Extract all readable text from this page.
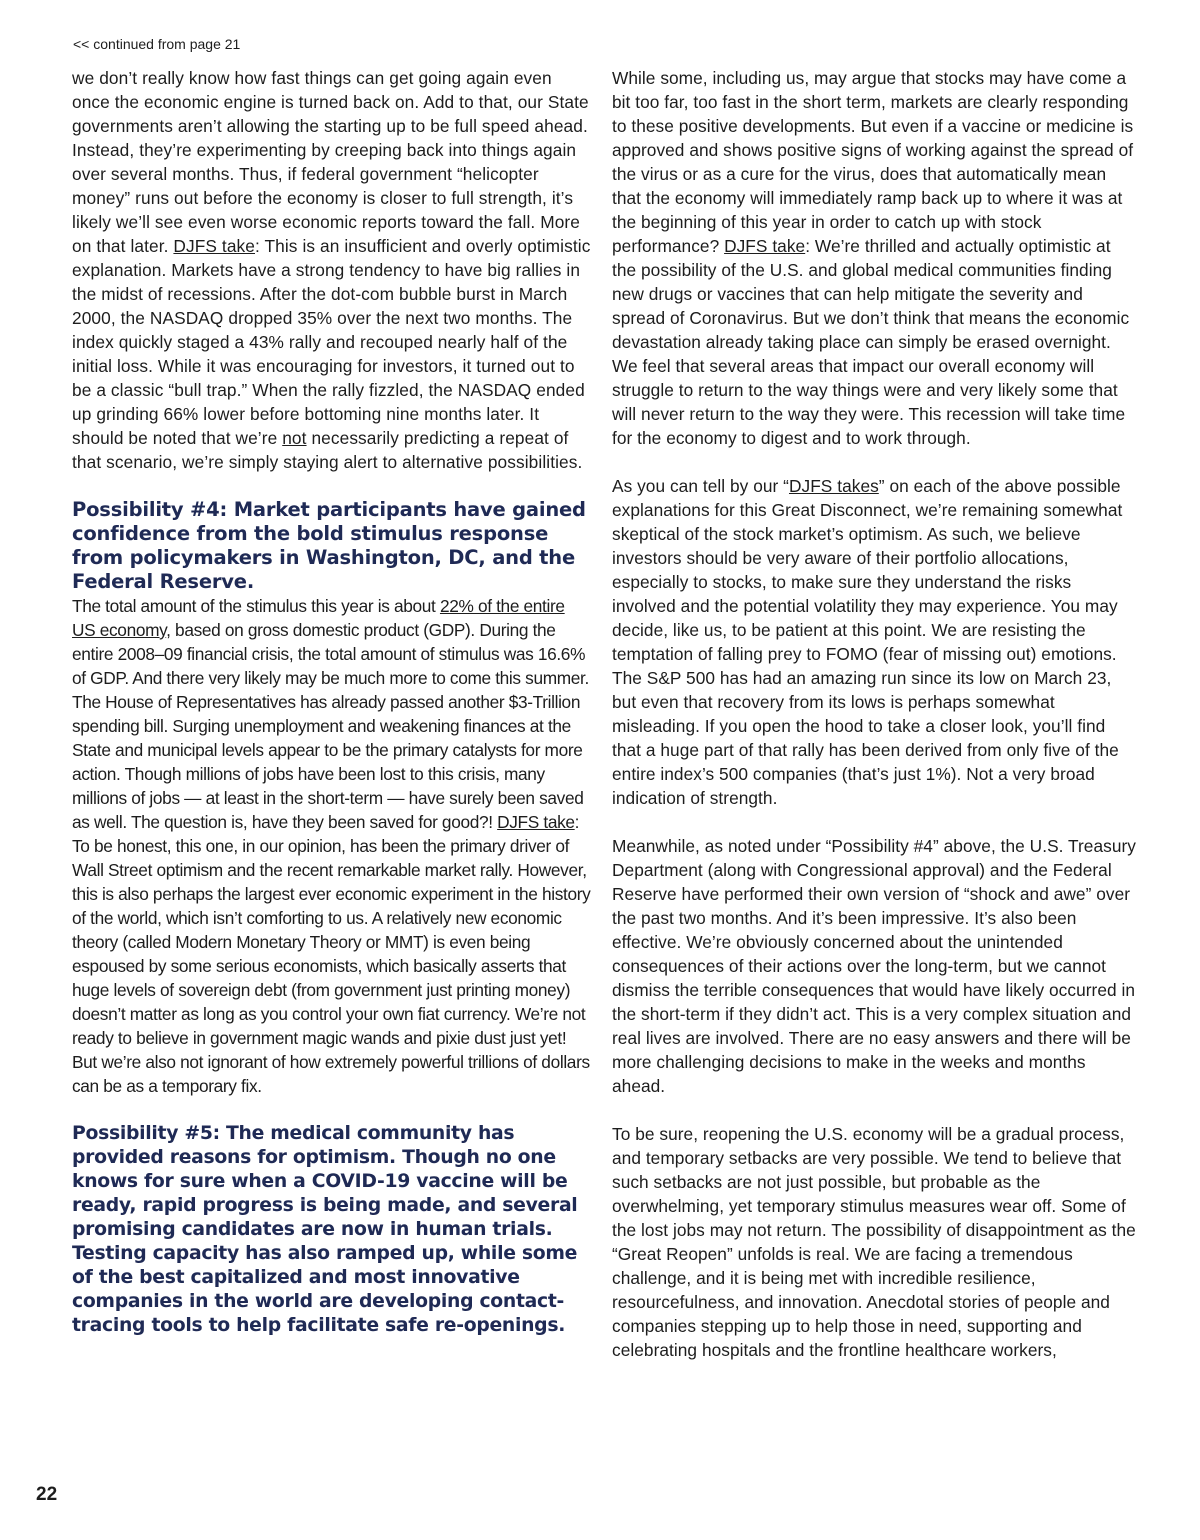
<< continued from page 21

we don’t really know how fast things can get going again even once the economic engine is turned back on. Add to that, our State governments aren’t allowing the starting up to be full speed ahead. Instead, they’re experimenting by creeping back into things again over several months. Thus, if federal government “helicopter money” runs out before the economy is closer to full strength, it’s likely we’ll see even worse economic reports toward the fall. More on that later. DJFS take: This is an insufficient and overly optimistic explanation. Markets have a strong tendency to have big rallies in the midst of recessions. After the dot-com bubble burst in March 2000, the NASDAQ dropped 35% over the next two months. The index quickly staged a 43% rally and recouped nearly half of the initial loss. While it was encouraging for investors, it turned out to be a classic “bull trap.” When the rally fizzled, the NASDAQ ended up grinding 66% lower before bottoming nine months later. It should be noted that we’re not necessarily predicting a repeat of that scenario, we’re simply staying alert to alternative possibilities.

Possibility #4: Market participants have gained confidence from the bold stimulus response from policymakers in Washington, DC, and the Federal Reserve.

The total amount of the stimulus this year is about 22% of the entire US economy, based on gross domestic product (GDP). During the entire 2008–09 financial crisis, the total amount of stimulus was 16.6% of GDP. And there very likely may be much more to come this summer. The House of Representatives has already passed another $3-Trillion spending bill. Surging unemployment and weakening finances at the State and municipal levels appear to be the primary catalysts for more action. Though millions of jobs have been lost to this crisis, many millions of jobs — at least in the short-term — have surely been saved as well. The question is, have they been saved for good?! DJFS take: To be honest, this one, in our opinion, has been the primary driver of Wall Street optimism and the recent remarkable market rally. However, this is also perhaps the largest ever economic experiment in the history of the world, which isn’t comforting to us. A relatively new economic theory (called Modern Monetary Theory or MMT) is even being espoused by some serious economists, which basically asserts that huge levels of sovereign debt (from government just printing money) doesn’t matter as long as you control your own fiat currency. We’re not ready to believe in government magic wands and pixie dust just yet! But we’re also not ignorant of how extremely powerful trillions of dollars can be as a temporary fix.

Possibility #5: The medical community has provided reasons for optimism. Though no one knows for sure when a COVID-19 vaccine will be ready, rapid progress is being made, and several promising candidates are now in human trials. Testing capacity has also ramped up, while some of the best capitalized and most innovative companies in the world are developing contact-tracing tools to help facilitate safe re-openings.

While some, including us, may argue that stocks may have come a bit too far, too fast in the short term, markets are clearly responding to these positive developments. But even if a vaccine or medicine is approved and shows positive signs of working against the spread of the virus or as a cure for the virus, does that automatically mean that the economy will immediately ramp back up to where it was at the beginning of this year in order to catch up with stock performance? DJFS take: We’re thrilled and actually optimistic at the possibility of the U.S. and global medical communities finding new drugs or vaccines that can help mitigate the severity and spread of Coronavirus. But we don’t think that means the economic devastation already taking place can simply be erased overnight. We feel that several areas that impact our overall economy will struggle to return to the way things were and very likely some that will never return to the way they were. This recession will take time for the economy to digest and to work through.

As you can tell by our “DJFS takes” on each of the above possible explanations for this Great Disconnect, we’re remaining somewhat skeptical of the stock market’s optimism. As such, we believe investors should be very aware of their portfolio allocations, especially to stocks, to make sure they understand the risks involved and the potential volatility they may experience. You may decide, like us, to be patient at this point. We are resisting the temptation of falling prey to FOMO (fear of missing out) emotions. The S&P 500 has had an amazing run since its low on March 23, but even that recovery from its lows is perhaps somewhat misleading. If you open the hood to take a closer look, you’ll find that a huge part of that rally has been derived from only five of the entire index’s 500 companies (that’s just 1%). Not a very broad indication of strength.

Meanwhile, as noted under “Possibility #4” above, the U.S. Treasury Department (along with Congressional approval) and the Federal Reserve have performed their own version of “shock and awe” over the past two months. And it’s been impressive. It’s also been effective. We’re obviously concerned about the unintended consequences of their actions over the long-term, but we cannot dismiss the terrible consequences that would have likely occurred in the short-term if they didn’t act. This is a very complex situation and real lives are involved. There are no easy answers and there will be more challenging decisions to make in the weeks and months ahead.

To be sure, reopening the U.S. economy will be a gradual process, and temporary setbacks are very possible. We tend to believe that such setbacks are not just possible, but probable as the overwhelming, yet temporary stimulus measures wear off. Some of the lost jobs may not return. The possibility of disappointment as the “Great Reopen” unfolds is real. We are facing a tremendous challenge, and it is being met with incredible resilience, resourcefulness, and innovation. Anecdotal stories of people and companies stepping up to help those in need, supporting and celebrating hospitals and the frontline healthcare workers,

22
